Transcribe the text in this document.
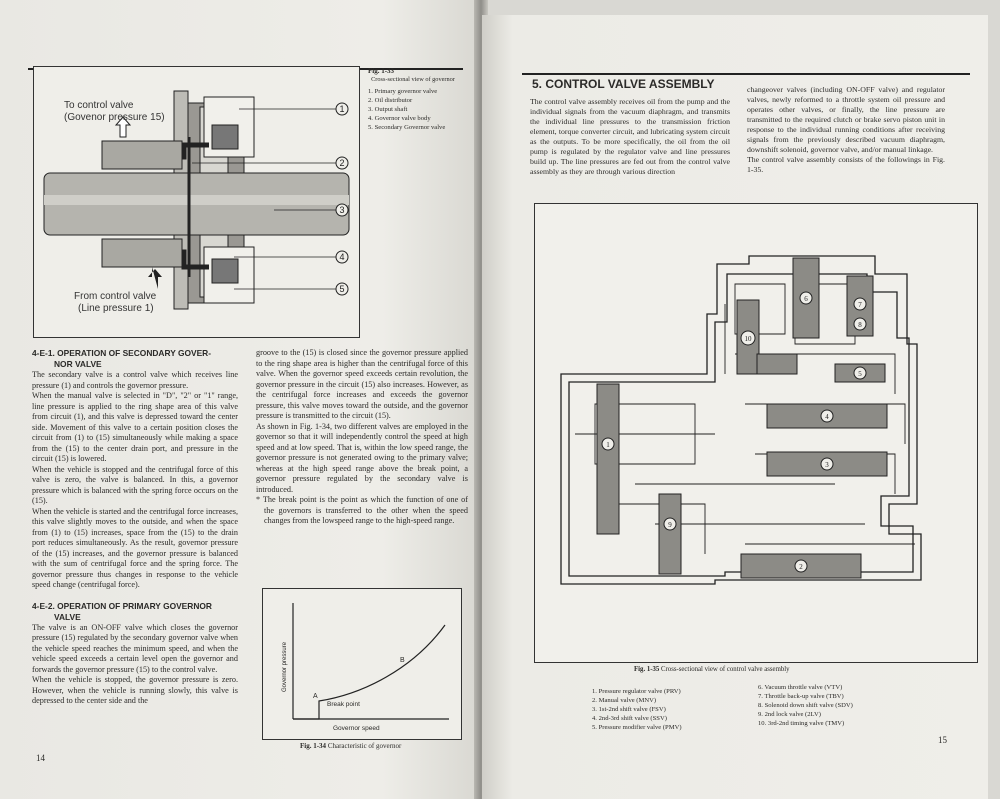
1
2
3
4
5
To control valve
(Govenor pressure 15)
From control valve
(Line pressure 1)
Fig. 1-33
Cross-sectional view of governor
1. Primary governor valve
2. Oil distributor
3. Output shaft
4. Governor valve body
5. Secondary Governor valve
4-E-1. OPERATION OF SECONDARY GOVER-
NOR VALVE

The secondary valve is a control valve which receives line pressure (1) and controls the governor pressure.

When the manual valve is selected in "D", "2" or "1" range, line pressure is applied to the ring shape area of this valve from circuit (1), and this valve is depressed toward the center side. Movement of this valve to a certain position closes the circuit from (1) to (15) simultaneously while making a space from the (15) to the center drain port, and pressure in the circuit (15) is lowered.

When the vehicle is stopped and the centrifugal force of this valve is zero, the valve is balanced. In this, a governor pressure which is balanced with the spring force occurs on the (15).

When the vehicle is started and the centrifugal force increases, this valve slightly moves to the outside, and when the space from (1) to (15) increases, space from the (15) to the drain port reduces simultaneously. As the result, governor pressure of the (15) increases, and the governor pressure is balanced with the sum of centrifugal force and the spring force. The governor pressure thus changes in response to the vehicle speed change (centrifugal force).

4-E-2. OPERATION OF PRIMARY GOVERNOR
VALVE

The valve is an ON-OFF valve which closes the governor pressure (15) regulated by the secondary governor valve when the vehicle speed reaches the minimum speed, and when the vehicle speed exceeds a certain level open the governor and forwards the governor pressure (15) to the control valve.

When the vehicle is stopped, the governor pressure is zero. However, when the vehicle is running slowly, this valve is depressed to the center side and the

groove to the (15) is closed since the governor pressure applied to the ring shape area is higher than the centrifugal force of this valve. When the governor speed exceeds certain revolution, the governor pressure in the circuit (15) also increases. However, as the centrifugal force increases and exceeds the governor pressure, this valve moves toward the outside, and the governor pressure is transmitted to the circuit (15).

As shown in Fig. 1-34, two different valves are employed in the governor so that it will independently control the speed at high speed and at low speed. That is, within the low speed range, the governor pressure is not generated owing to the primary valve; whereas at the high speed range above the break point, a governor pressure regulated by the secondary valve is introduced.

* The break point is the point as which the function of one of the governors is transferred to the other when the speed changes from the lowspeed range to the high-speed range.

Governor pressure
Governor speed
A
B
Break point
Fig. 1-34 Characteristic of governor
14
5. CONTROL VALVE ASSEMBLY

The control valve assembly receives oil from the pump and the individual signals from the vacuum diaphragm, and transmits the individual line pressures to the transmission friction element, torque converter circuit, and lubricating system circuit as the outputs. To be more specifically, the oil from the oil pump is regulated by the regulator valve and line pressures build up. The line pressures are fed out from the control valve assembly as they are through various direction

changeover valves (including ON-OFF valve) and regulator valves, newly reformed to a throttle system oil pressure and operates other valves, or finally, the line pressure are transmitted to the required clutch or brake servo piston unit in response to the individual running conditions after receiving signals from the previously described vacuum diaphragm, downshift solenoid, governor valve, and/or manual linkage.

The control valve assembly consists of the followings in Fig. 1-35.

1
2
3
4
5
6
7
8
9
10
Fig. 1-35 Cross-sectional view of control valve assembly
1. Pressure regulator valve (PRV)
2. Manual valve (MNV)
3. 1st-2nd shift valve (FSV)
4. 2nd-3rd shift valve (SSV)
5. Pressure modifier valve (PMV)
6. Vacuum throttle valve (VTV)
7. Throttle back-up valve (TBV)
8. Solenoid down shift valve (SDV)
9. 2nd lock valve (2LV)
10. 3rd-2nd timing valve (TMV)
15
